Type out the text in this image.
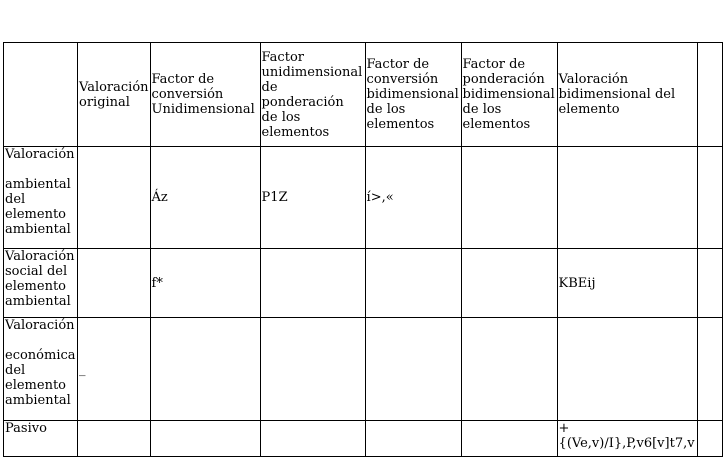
	Valoración original	Factor de conversión Unidimensional	Factor unidimensional de ponderación de los elementos	Factor de conversión bidimensional de los elementos	Factor de ponderación bidimensional de los elementos	Valoración bidimensional del elemento	
Valoración
ambiental del elemento ambiental		Áz	P1Z	í>,«			
Valoración social del elemento ambiental		f*				KBEij	
Valoración
económica del elemento ambiental	_						
Pasivo						+ {(Ve,v)/I},P,v6[v]t7,v	
